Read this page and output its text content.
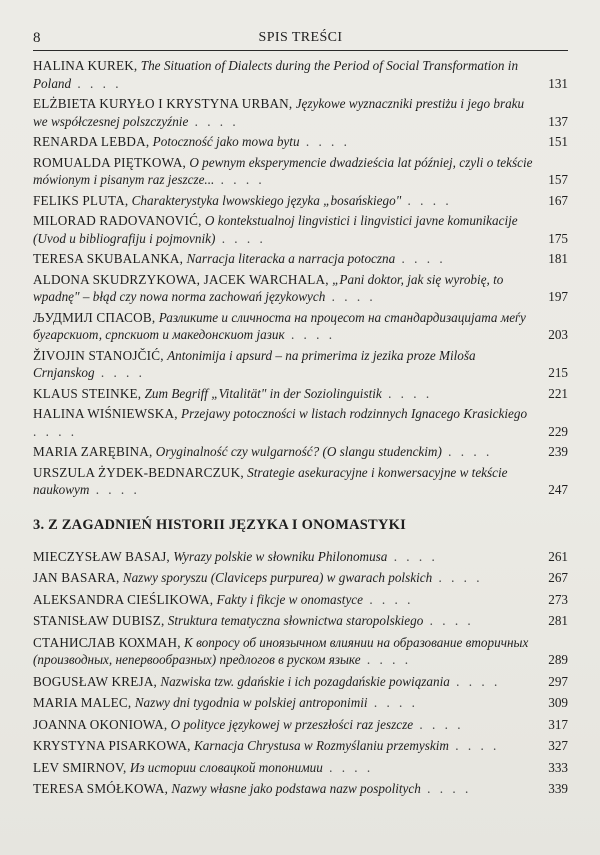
8	SPIS TREŚCI
HALINA KUREK, The Situation of Dialects during the Period of Social Transformation in Poland . . . .	131
ELŻBIETA KURYŁO I KRYSTYNA URBAN, Językowe wyznaczniki prestiżu i jego braku we współczesnej polszczyźnie . . . .	137
RENARDA LEBDA, Potoczność jako mowa bytu . . . .	151
ROMUALDA PIĘTKOWA, O pewnym eksperymencie dwadzieścia lat później, czyli o tekście mówionym i pisanym raz jeszcze... . . . .	157
FELIKS PLUTA, Charakterystyka lwowskiego języka „bosańskiego" . . . .	167
MILORAD RADOVANOVIĆ, O kontekstualnoj lingvistici i lingvistici javne komunikacije (Uvod u bibliografiju i pojmovnik) . . . .	175
TERESA SKUBALANKA, Narracja literacka a narracja potoczna . . . .	181
ALDONA SKUDRZYKOWA, JACEK WARCHALA, „Pani doktor, jak się wyrobię, to wpadnę" – błąd czy nowa norma zachowań językowych . . . .	197
ЉУДМИЛ СПАСОВ, Разликите и сличностa на процесот на стандардизацијата меѓу бугарскиот, српскиот и македонскиот јазик . . . .	203
ŽIVOJIN STANOJČIĆ, Antonimija i apsurd – na primerima iz jezika proze Miloša Crnjanskog . . . .	215
KLAUS STEINKE, Zum Begriff „Vitalität" in der Soziolinguistik . . . .	221
HALINA WIŚNIEWSKA, Przejawy potoczności w listach rodzinnych Ignacego Krasickiego . . . .	229
MARIA ZARĘBINA, Oryginalność czy wulgarność? (O slangu studenckim) . . . .	239
URSZULA ŻYDEK-BEDNARCZUK, Strategie asekuracyjne i konwersacyjne w tekście naukowym . . . .	247
3. Z ZAGADNIEŃ HISTORII JĘZYKA I ONOMASTYKI
MIECZYSŁAW BASAJ, Wyrazy polskie w słowniku Philonomusa . . . .	261
JAN BASARA, Nazwy sporyszu (Claviceps purpurea) w gwarach polskich . . . .	267
ALEKSANDRA CIEŚLIKOWA, Fakty i fikcje w onomastyce . . . .	273
STANISŁAW DUBISZ, Struktura tematyczna słownictwa staropolskiego . . . .	281
СТАНИСЛАВ КОХМАН, К вопросу об иноязычном влиянии на образование вторичных (производных, непервообразных) предлогов в руском языке . . . .	289
BOGUSŁAW KREJA, Nazwiska tzw. gdańskie i ich pozagdańskie powiązania . . . .	297
MARIA MALEC, Nazwy dni tygodnia w polskiej antroponimii . . . .	309
JOANNA OKONIOWA, O polityce językowej w przeszłości raz jeszcze . . . .	317
KRYSTYNA PISARKOWA, Karnacja Chrystusa w Rozmyślaniu przemyskim . . . .	327
LEV SMIRNOV, Из истории словацкой топонимии . . . .	333
TERESA SMÓŁKOWA, Nazwy własne jako podstawa nazw pospolitych . . . .	339
